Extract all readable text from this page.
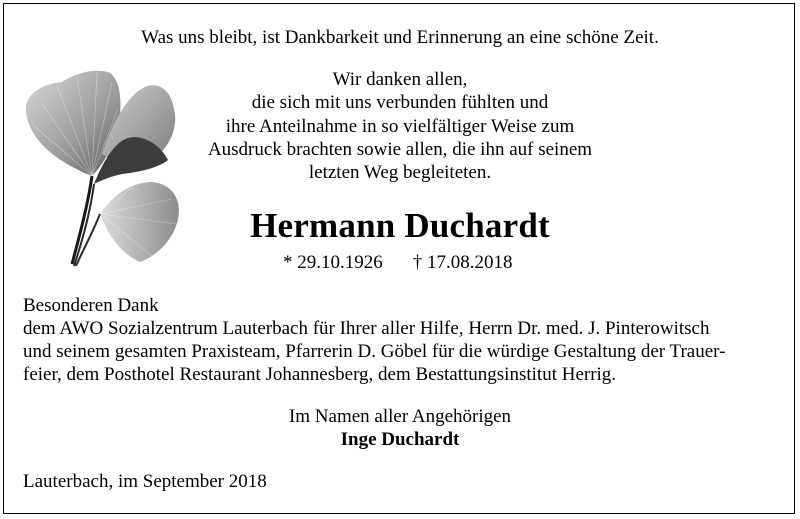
Was uns bleibt, ist Dankbarkeit und Erinnerung an eine schöne Zeit.
Wir danken allen,
die sich mit uns verbunden fühlten und
ihre Anteilnahme in so vielfältiger Weise zum
Ausdruck brachten sowie allen, die ihn auf seinem
letzten Weg begleiteten.
Hermann Duchardt
* 29.10.1926 † 17.08.2018
Besonderen Dank
dem AWO Sozialzentrum Lauterbach für Ihrer aller Hilfe, Herrn Dr. med. J. Pinterowitsch
und seinem gesamten Praxisteam, Pfarrerin D. Göbel für die würdige Gestaltung der Trauer-
feier, dem Posthotel Restaurant Johannesberg, dem Bestattungsinstitut Herrig.
Im Namen aller Angehörigen
Inge Duchardt
Lauterbach, im September 2018
